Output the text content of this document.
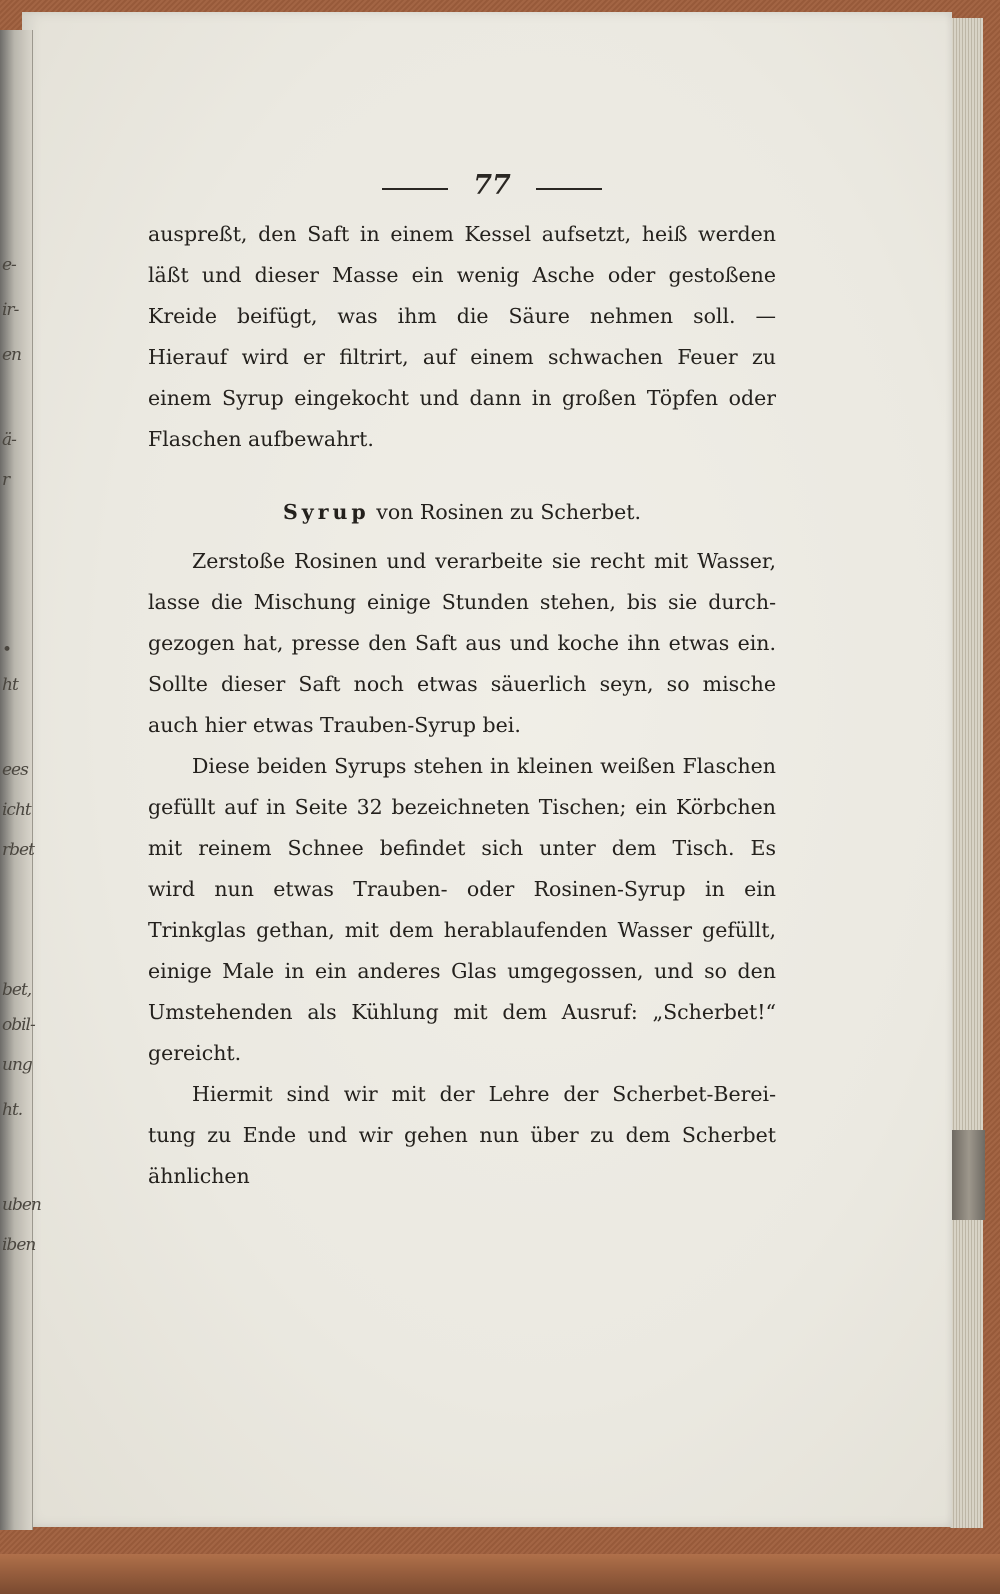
77
auspreßt, den Saft in einem Kessel aufsetzt, heiß werden
läßt und dieser Masse ein wenig Asche oder gestoßene
Kreide beifügt, was ihm die Säure nehmen soll. —
Hierauf wird er filtrirt, auf einem schwachen Feuer zu
einem Syrup eingekocht und dann in großen Töpfen oder
Flaschen aufbewahrt.
Syrup von Rosinen zu Scherbet.
Zerstoße Rosinen und verarbeite sie recht mit Wasser,
lasse die Mischung einige Stunden stehen, bis sie durch-
gezogen hat, presse den Saft aus und koche ihn etwas ein.
Sollte dieser Saft noch etwas säuerlich seyn, so mische
auch hier etwas Trauben-Syrup bei.
Diese beiden Syrups stehen in kleinen weißen Flaschen
gefüllt auf in Seite 32 bezeichneten Tischen; ein Körbchen
mit reinem Schnee befindet sich unter dem Tisch. Es
wird nun etwas Trauben- oder Rosinen-Syrup in ein
Trinkglas gethan, mit dem herablaufenden Wasser gefüllt,
einige Male in ein anderes Glas umgegossen, und so den
Umstehenden als Kühlung mit dem Ausruf: „Scherbet!“
gereicht.
Hiermit sind wir mit der Lehre der Scherbet-Berei-
tung zu Ende und wir gehen nun über zu dem Scherbet
ähnlichen
e-
ir-
en
ä-
r
•
ht
ees
icht
rbet
bet,
obil-
ung
ht.
uben
iben
